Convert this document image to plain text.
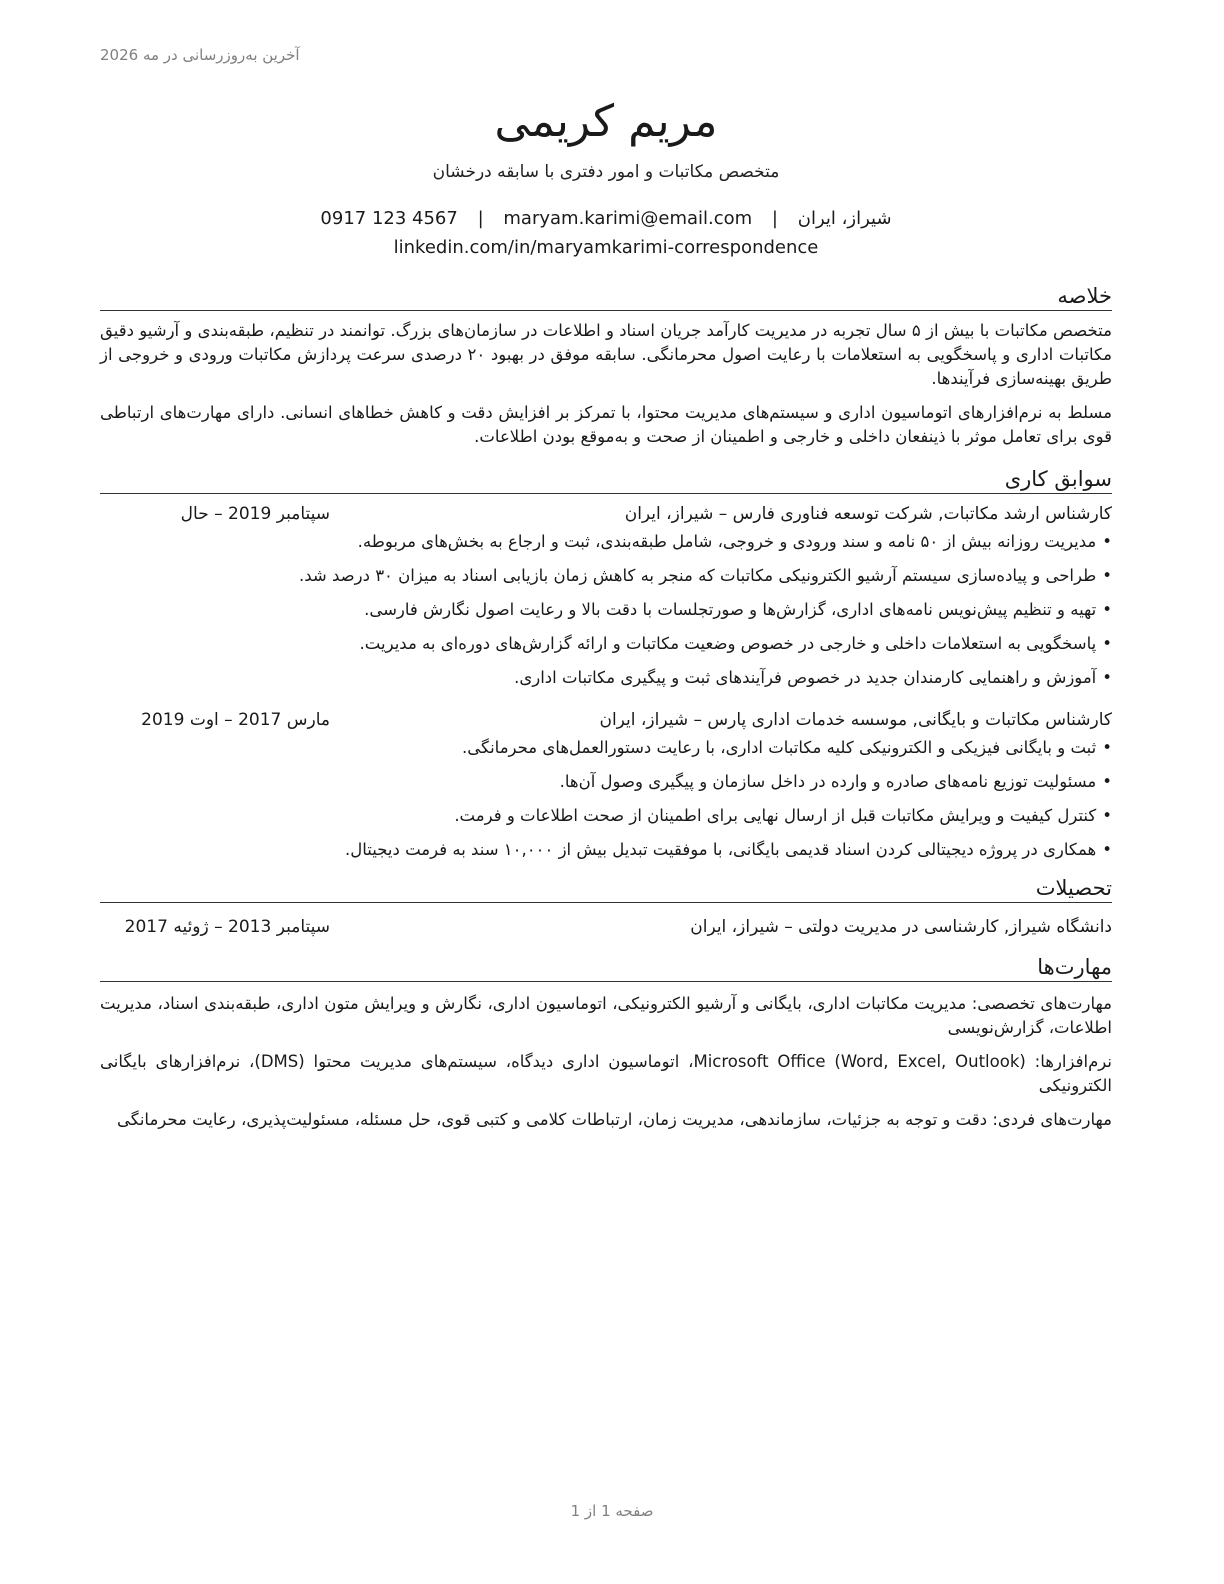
آخرین به‌روزرسانی در مه 2026
مریم کریمی
متخصص مکاتبات و امور دفتری با سابقه درخشان
شیراز، ایران | maryam.karimi@email.com | 0917 123 4567
linkedin.com/in/maryamkarimi-correspondence
خلاصه

متخصص مکاتبات با بیش از ۵ سال تجربه در مدیریت کارآمد جریان اسناد و اطلاعات در سازمان‌های بزرگ. توانمند در تنظیم، طبقه‌بندی و آرشیو دقیق مکاتبات اداری و پاسخگویی به استعلامات با رعایت اصول محرمانگی. سابقه موفق در بهبود ۲۰ درصدی سرعت پردازش مکاتبات ورودی و خروجی از طریق بهینه‌سازی فرآیندها.

مسلط به نرم‌افزارهای اتوماسیون اداری و سیستم‌های مدیریت محتوا، با تمرکز بر افزایش دقت و کاهش خطاهای انسانی. دارای مهارت‌های ارتباطی قوی برای تعامل موثر با ذینفعان داخلی و خارجی و اطمینان از صحت و به‌موقع بودن اطلاعات.

سوابق کاری
کارشناس ارشد مکاتبات, شرکت توسعه فناوری فارس – شیراز، ایران
سپتامبر 2019 – حال
• مدیریت روزانه بیش از ۵۰ نامه و سند ورودی و خروجی، شامل طبقه‌بندی، ثبت و ارجاع به بخش‌های مربوطه.
• طراحی و پیاده‌سازی سیستم آرشیو الکترونیکی مکاتبات که منجر به کاهش زمان بازیابی اسناد به میزان ۳۰ درصد شد.
• تهیه و تنظیم پیش‌نویس نامه‌های اداری، گزارش‌ها و صورتجلسات با دقت بالا و رعایت اصول نگارش فارسی.
• پاسخگویی به استعلامات داخلی و خارجی در خصوص وضعیت مکاتبات و ارائه گزارش‌های دوره‌ای به مدیریت.
• آموزش و راهنمایی کارمندان جدید در خصوص فرآیندهای ثبت و پیگیری مکاتبات اداری.
کارشناس مکاتبات و بایگانی, موسسه خدمات اداری پارس – شیراز، ایران
مارس 2017 – اوت 2019
• ثبت و بایگانی فیزیکی و الکترونیکی کلیه مکاتبات اداری، با رعایت دستورالعمل‌های محرمانگی.
• مسئولیت توزیع نامه‌های صادره و وارده در داخل سازمان و پیگیری وصول آن‌ها.
• کنترل کیفیت و ویرایش مکاتبات قبل از ارسال نهایی برای اطمینان از صحت اطلاعات و فرمت.
• همکاری در پروژه دیجیتالی کردن اسناد قدیمی بایگانی، با موفقیت تبدیل بیش از ۱۰,۰۰۰ سند به فرمت دیجیتال.
تحصیلات
دانشگاه شیراز, کارشناسی در مدیریت دولتی – شیراز، ایران
سپتامبر 2013 – ژوئیه 2017
مهارت‌ها
مهارت‌های تخصصی: مدیریت مکاتبات اداری، بایگانی و آرشیو الکترونیکی، اتوماسیون اداری، نگارش و ویرایش متون اداری، طبقه‌بندی اسناد، مدیریت اطلاعات، گزارش‌نویسی
نرم‌افزارها: (Microsoft Office (Word, Excel, Outlook، اتوماسیون اداری دیدگاه، سیستم‌های مدیریت محتوا (DMS)، نرم‌افزارهای بایگانی الکترونیکی
مهارت‌های فردی: دقت و توجه به جزئیات، سازماندهی، مدیریت زمان، ارتباطات کلامی و کتبی قوی، حل مسئله، مسئولیت‌پذیری، رعایت محرمانگی
صفحه 1 از 1
